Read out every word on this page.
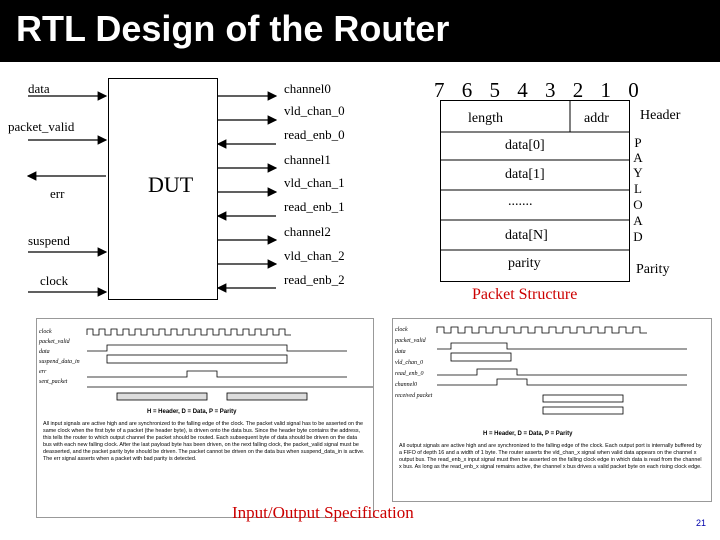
RTL Design of the Router
DUT
data
packet_valid
err
suspend
clock
channel0
vld_chan_0
read_enb_0
channel1
vld_chan_1
read_enb_1
channel2
vld_chan_2
read_enb_2
7 6 5 4 3 2 1 0
length	addr
data[0]
data[1]
.......
data[N]
parity
Header
P
A
Y
L
O
A
D
Parity
Packet Structure
clock
packet_valid
data
suspend_data_in
err
sent_packet
H = Header, D = Data, P = Parity
All input signals are active high and are synchronized to the falling edge of the clock. The packet valid signal has to be asserted on the same clock when the first byte of a packet (the header byte), is driven onto the data bus. Since the header byte contains the address, this tells the router to which output channel the packet should be routed. Each subsequent byte of data should be driven on the data bus with each new falling clock. After the last payload byte has been driven, on the next falling clock, the packet_valid signal must be deasserted, and the packet parity byte should be driven. The packet cannot be driven on the data bus when suspend_data_in is active. The err signal asserts when a packet with bad parity is detected.
clock
packet_valid
data
vld_chan_0
read_enb_0
channel0
received packet
H = Header, D = Data, P = Parity
All output signals are active high and are synchronized to the falling edge of the clock. Each output port is internally buffered by a FIFO of depth 16 and a width of 1 byte. The router asserts the vld_chan_x signal when valid data appears on the channel x output bus. The read_enb_x input signal must then be asserted on the falling clock edge in which data is read from the channel x bus. As long as the read_enb_x signal remains active, the channel x bus drives a valid packet byte on each rising clock edge.
Input/Output Specification
21
